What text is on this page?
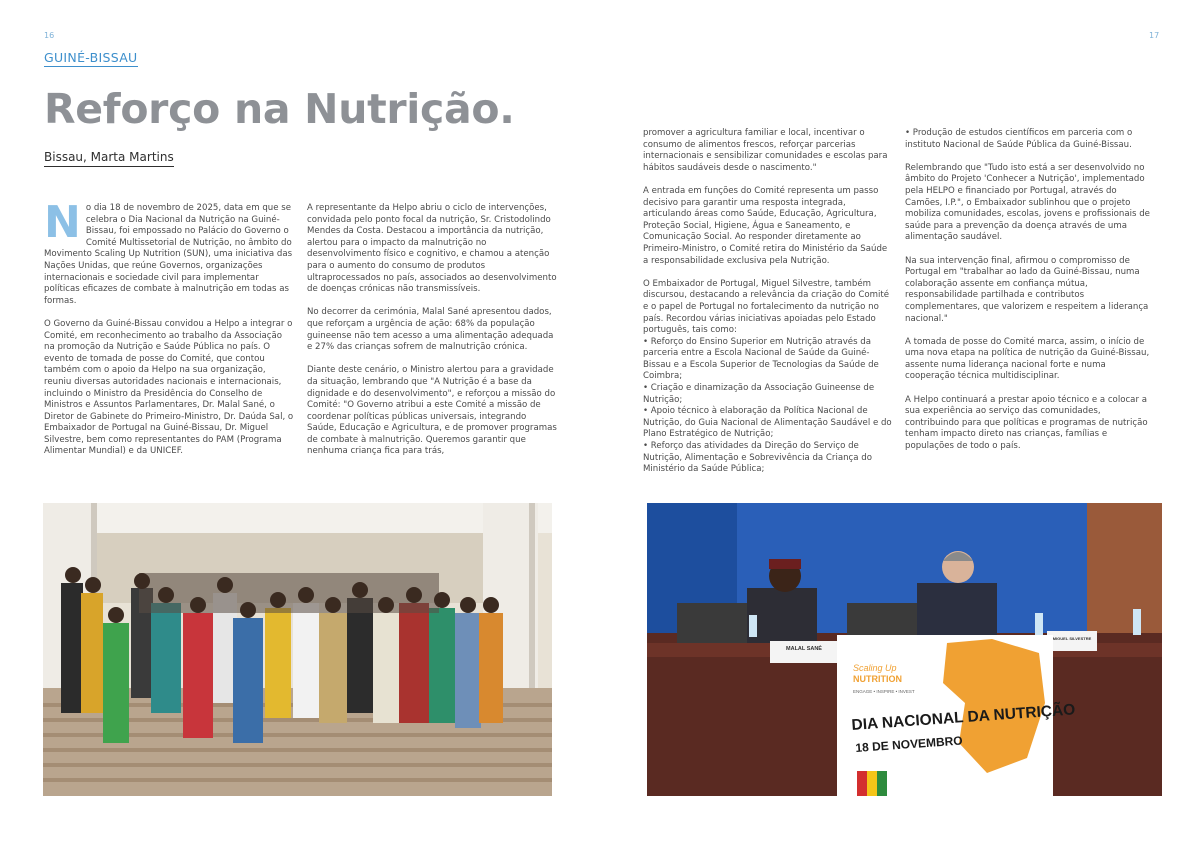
16	17
GUINÉ-BISSAU
Reforço na Nutrição.
Bissau, Marta Martins

No dia 18 de novembro de 2025, data em que se celebra o Dia Nacional da Nutrição na Guiné-Bissau, foi empossado no Palácio do Governo o Comité Multissetorial de Nutrição, no âmbito do Movimento Scaling Up Nutrition (SUN), uma iniciativa das Nações Unidas, que reúne Governos, organizações internacionais e sociedade civil para implementar políticas eficazes de combate à malnutrição em todas as formas.

O Governo da Guiné-Bissau convidou a Helpo a integrar o Comité, em reconhecimento ao trabalho da Associação na promoção da Nutrição e Saúde Pública no país. O evento de tomada de posse do Comité, que contou também com o apoio da Helpo na sua organização, reuniu diversas autoridades nacionais e internacionais, incluindo o Ministro da Presidência do Conselho de Ministros e Assuntos Parlamentares, Dr. Malal Sané, o Diretor de Gabinete do Primeiro-Ministro, Dr. Daúda Sal, o Embaixador de Portugal na Guiné-Bissau, Dr. Miguel Silvestre, bem como representantes do PAM (Programa Alimentar Mundial) e da UNICEF.

A representante da Helpo abriu o ciclo de intervenções, convidada pelo ponto focal da nutrição, Sr. Cristodolindo Mendes da Costa. Destacou a importância da nutrição, alertou para o impacto da malnutrição no desenvolvimento físico e cognitivo, e chamou a atenção para o aumento do consumo de produtos ultraprocessados no país, associados ao desenvolvimento de doenças crónicas não transmissíveis.

No decorrer da cerimónia, Malal Sané apresentou dados, que reforçam a urgência de ação: 68% da população guineense não tem acesso a uma alimentação adequada e 27% das crianças sofrem de malnutrição crónica.

Diante deste cenário, o Ministro alertou para a gravidade da situação, lembrando que "A Nutrição é a base da dignidade e do desenvolvimento", e reforçou a missão do Comité: "O Governo atribui a este Comité a missão de coordenar políticas públicas universais, integrando Saúde, Educação e Agricultura, e de promover programas de combate à malnutrição. Queremos garantir que nenhuma criança fica para trás,

promover a agricultura familiar e local, incentivar o consumo de alimentos frescos, reforçar parcerias internacionais e sensibilizar comunidades e escolas para hábitos saudáveis desde o nascimento."

A entrada em funções do Comité representa um passo decisivo para garantir uma resposta integrada, articulando áreas como Saúde, Educação, Agricultura, Proteção Social, Higiene, Água e Saneamento, e Comunicação Social. Ao responder diretamente ao Primeiro-Ministro, o Comité retira do Ministério da Saúde a responsabilidade exclusiva pela Nutrição.

O Embaixador de Portugal, Miguel Silvestre, também discursou, destacando a relevância da criação do Comité e o papel de Portugal no fortalecimento da nutrição no país. Recordou várias iniciativas apoiadas pelo Estado português, tais como:
• Reforço do Ensino Superior em Nutrição através da parceria entre a Escola Nacional de Saúde da Guiné-Bissau e a Escola Superior de Tecnologias da Saúde de Coimbra;
• Criação e dinamização da Associação Guineense de Nutrição;
• Apoio técnico à elaboração da Política Nacional de Nutrição, do Guia Nacional de Alimentação Saudável e do Plano Estratégico de Nutrição;
• Reforço das atividades da Direção do Serviço de Nutrição, Alimentação e Sobrevivência da Criança do Ministério da Saúde Pública;

• Produção de estudos científicos em parceria com o instituto Nacional de Saúde Pública da Guiné-Bissau.

Relembrando que "Tudo isto está a ser desenvolvido no âmbito do Projeto 'Conhecer a Nutrição', implementado pela HELPO e financiado por Portugal, através do Camões, I.P.", o Embaixador sublinhou que o projeto mobiliza comunidades, escolas, jovens e profissionais de saúde para a prevenção da doença através de uma alimentação saudável.

Na sua intervenção final, afirmou o compromisso de Portugal em "trabalhar ao lado da Guiné-Bissau, numa colaboração assente em confiança mútua, responsabilidade partilhada e contributos complementares, que valorizem e respeitem a liderança nacional."

A tomada de posse do Comité marca, assim, o início de uma nova etapa na política de nutrição da Guiné-Bissau, assente numa liderança nacional forte e numa cooperação técnica multidisciplinar.

A Helpo continuará a prestar apoio técnico e a colocar a sua experiência ao serviço das comunidades, contribuindo para que políticas e programas de nutrição tenham impacto direto nas crianças, famílias e populações de todo o país.

MALAL SANÉ
MIGUEL SILVESTRE
Scaling Up
NUTRITION
ENGAGE • INSPIRE • INVEST
DIA NACIONAL DA NUTRIÇÃO
18 DE NOVEMBRO
